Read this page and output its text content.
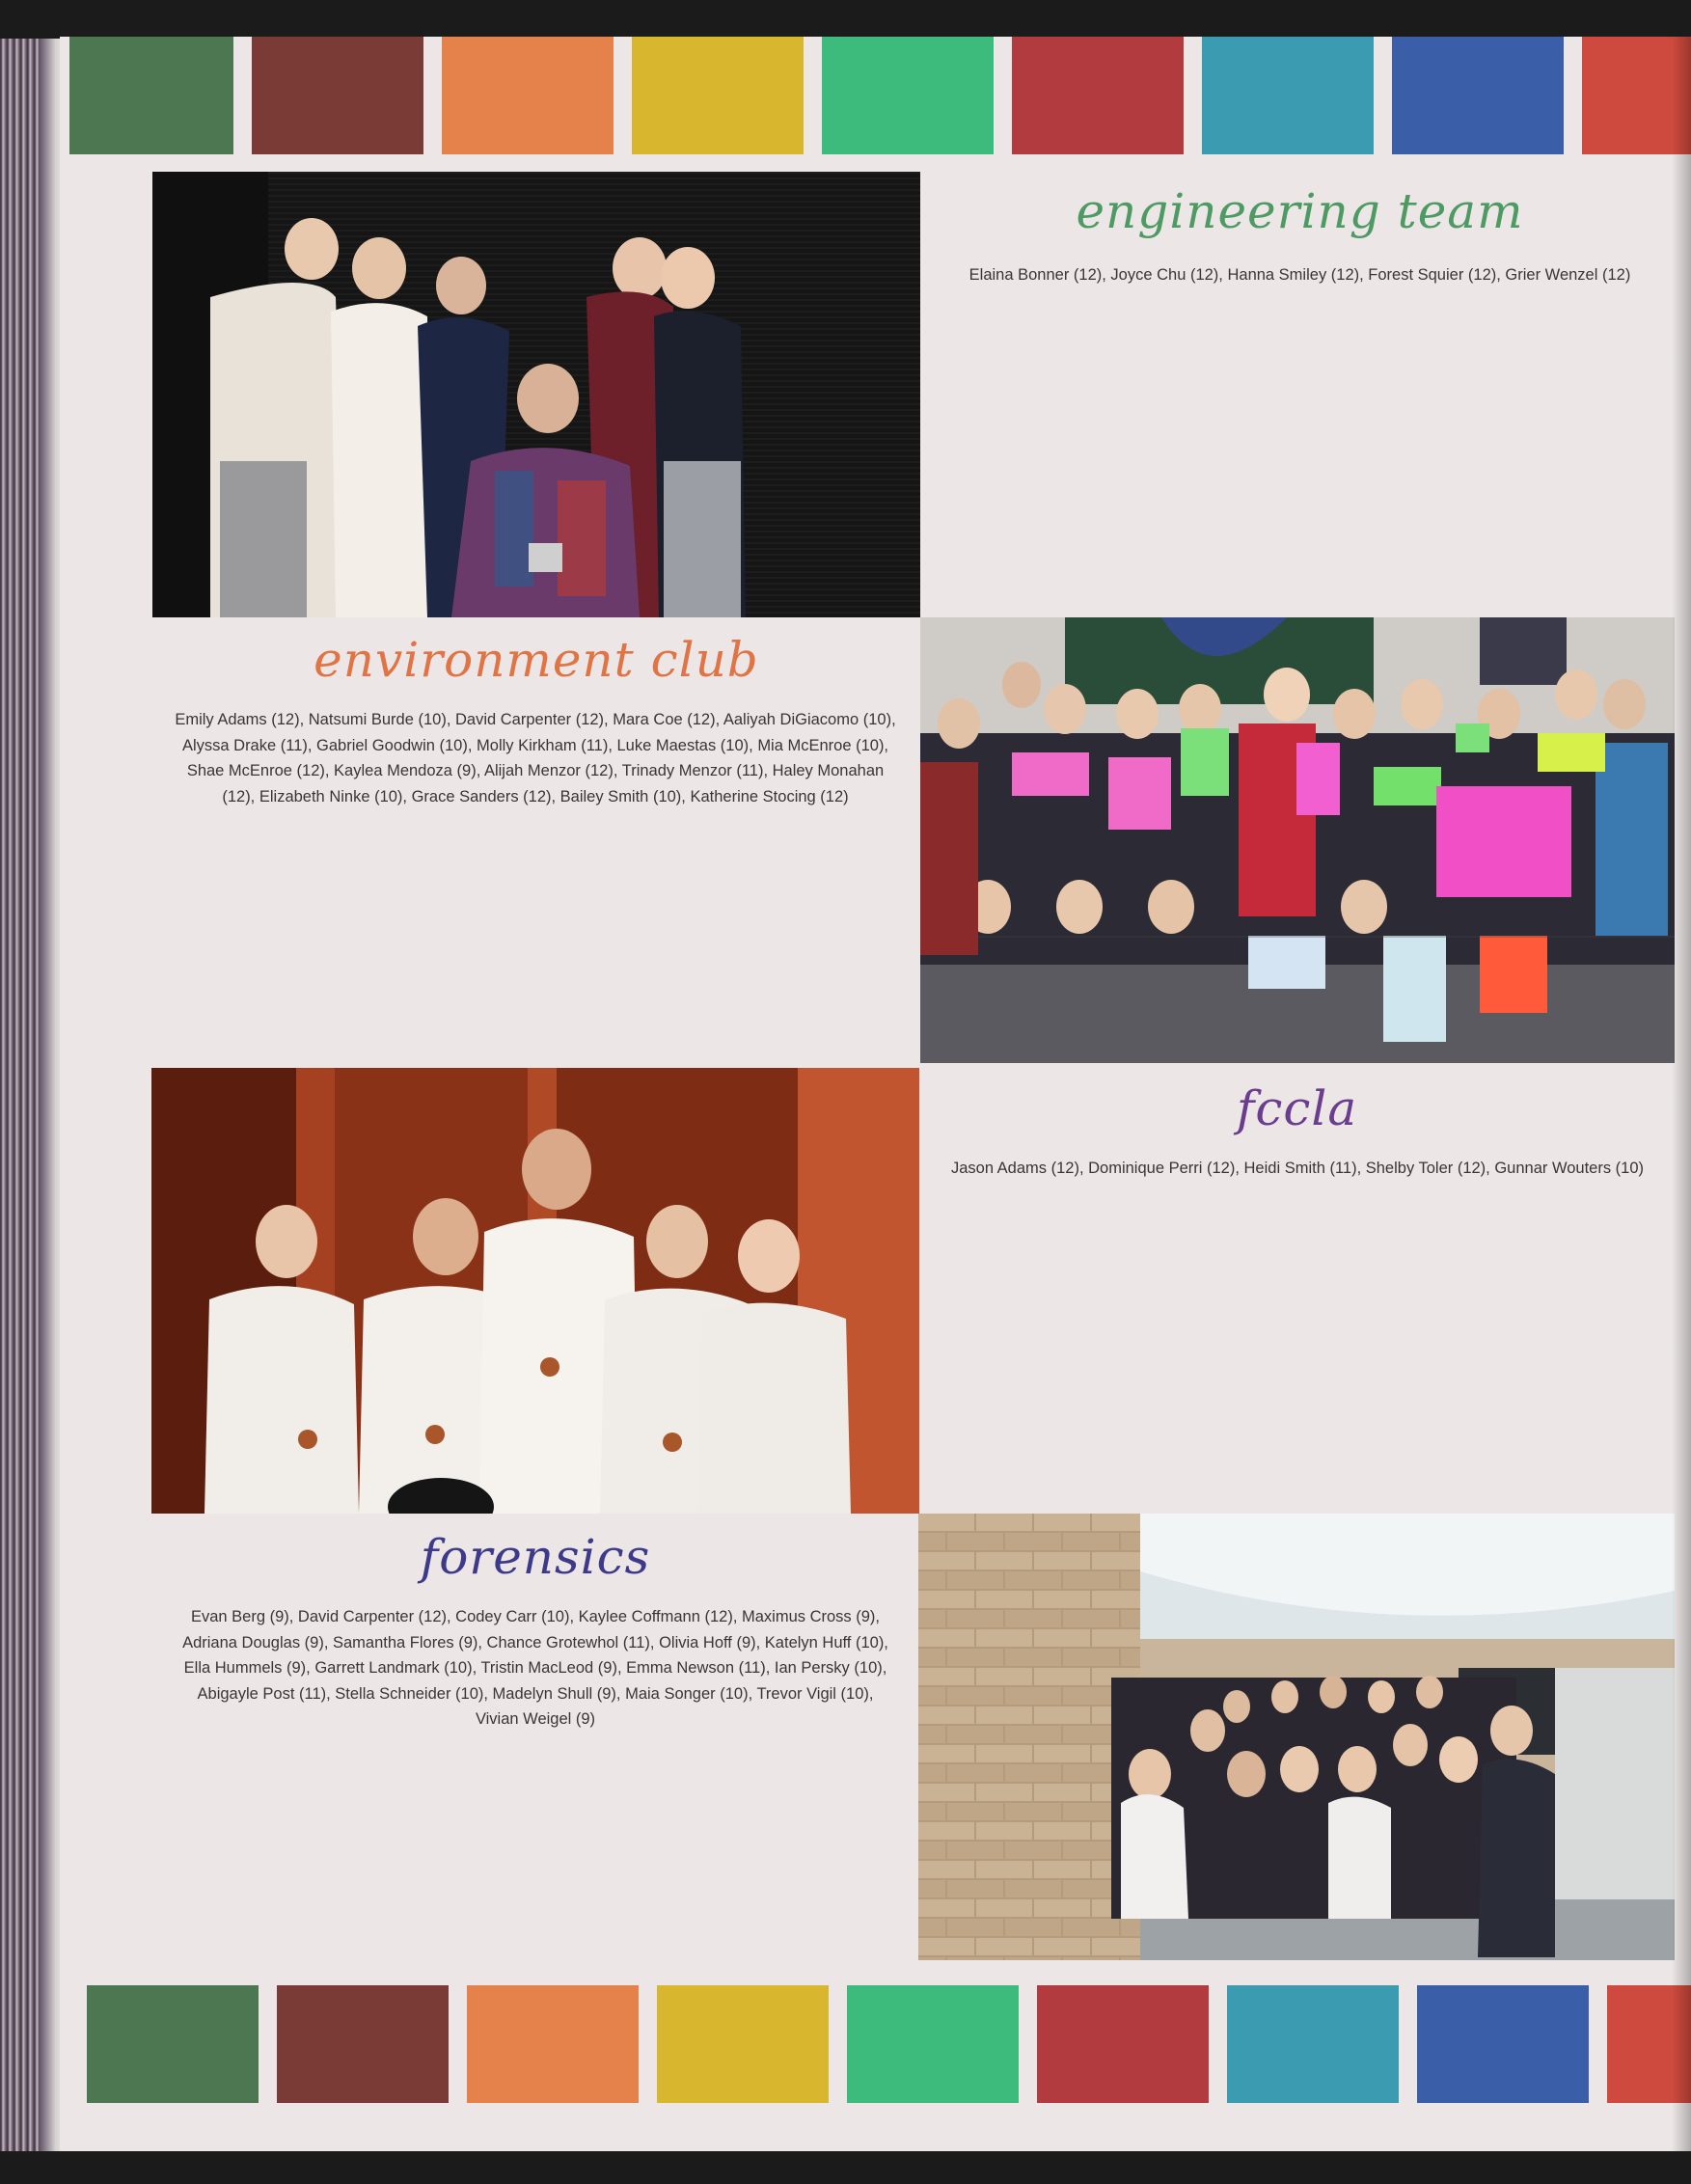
engineering team
Elaina Bonner (12), Joyce Chu (12), Hanna Smiley (12), Forest Squier (12), Grier Wenzel (12)
environment club
Emily Adams (12), Natsumi Burde (10), David Carpenter (12), Mara Coe (12), Aaliyah DiGiacomo (10), Alyssa Drake (11), Gabriel Goodwin (10), Molly Kirkham (11), Luke Maestas (10), Mia McEnroe (10), Shae McEnroe (12), Kaylea Mendoza (9), Alijah Menzor (12), Trinady Menzor (11), Haley Monahan (12), Elizabeth Ninke (10), Grace Sanders (12), Bailey Smith (10), Katherine Stocing (12)
fccla
Jason Adams (12), Dominique Perri (12), Heidi Smith (11), Shelby Toler (12), Gunnar Wouters (10)
forensics
Evan Berg (9), David Carpenter (12), Codey Carr (10), Kaylee Coffmann (12), Maximus Cross (9), Adriana Douglas (9), Samantha Flores (9), Chance Grotewhol (11), Olivia Hoff (9), Katelyn Huff (10), Ella Hummels (9), Garrett Landmark (10), Tristin MacLeod (9), Emma Newson (11), Ian Persky (10), Abigayle Post (11), Stella Schneider (10), Madelyn Shull (9), Maia Songer (10), Trevor Vigil (10), Vivian Weigel (9)
